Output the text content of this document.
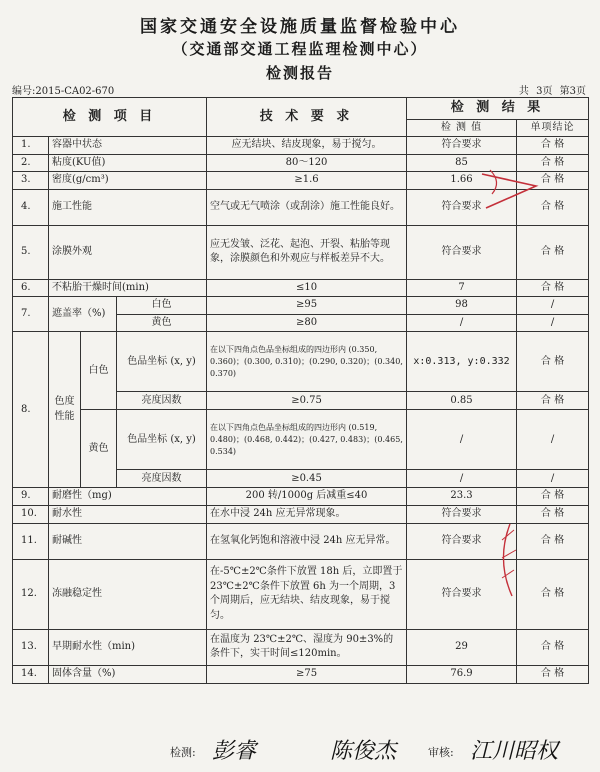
国家交通安全设施质量监督检验中心
（交通部交通工程监理检测中心）
检测报告
编号:2015-CA02-670	共 3页 第3页
检 测 项 目				技 术 要 求	检 测 结 果	
					检 测 值	单项结论
1.	容器中状态			应无结块、结皮现象，易于搅匀。	符合要求	合 格
2.	粘度(KU值)			80～120	85	合 格
3.	密度(g/cm³)			≥1.6	1.66	合 格
4.	施工性能			空气或无气喷涂（或刮涂）施工性能良好。	符合要求	合 格
5.	涂膜外观			应无发皱、泛花、起泡、开裂、粘胎等现象，涂膜颜色和外观应与样板差异不大。	符合要求	合 格
6.	不粘胎干燥时间(min)			≤10	7	合 格
7.	遮盖率（%)		白色	≥95	98	/
			黄色	≥80	/	/
8.	色度性能	白色	色品坐标 (x, y)	在以下四角点色品坐标组成的四边形内 (0.350, 0.360)；(0.300, 0.310)；(0.290, 0.320)；(0.340, 0.370)	x:0.313, y:0.332	合 格
			亮度因数	≥0.75	0.85	合 格
		黄色	色品坐标 (x, y)	在以下四角点色品坐标组成的四边形内 (0.519, 0.480)；(0.468, 0.442)；(0.427, 0.483)；(0.465, 0.534)	/	/
			亮度因数	≥0.45	/	/
9.	耐磨性（mg)			200 转/1000g 后减重≤40	23.3	合 格
10.	耐水性			在水中浸 24h 应无异常现象。	符合要求	合 格
11.	耐碱性			在氢氧化钙饱和溶液中浸 24h 应无异常。	符合要求	合 格
12.	冻融稳定性			在-5℃±2℃条件下放置 18h 后，立即置于 23℃±2℃条件下放置 6h 为一个周期，3 个周期后，应无结块、结皮现象，易于搅匀。	符合要求	合 格
13.	早期耐水性（min)			在温度为 23℃±2℃、湿度为 90±3%的条件下，实干时间≤120min。	29	合 格
14.	固体含量（%)			≥75	76.9	合 格
检测: 彭睿	陈俊杰	审核: 江川昭权
